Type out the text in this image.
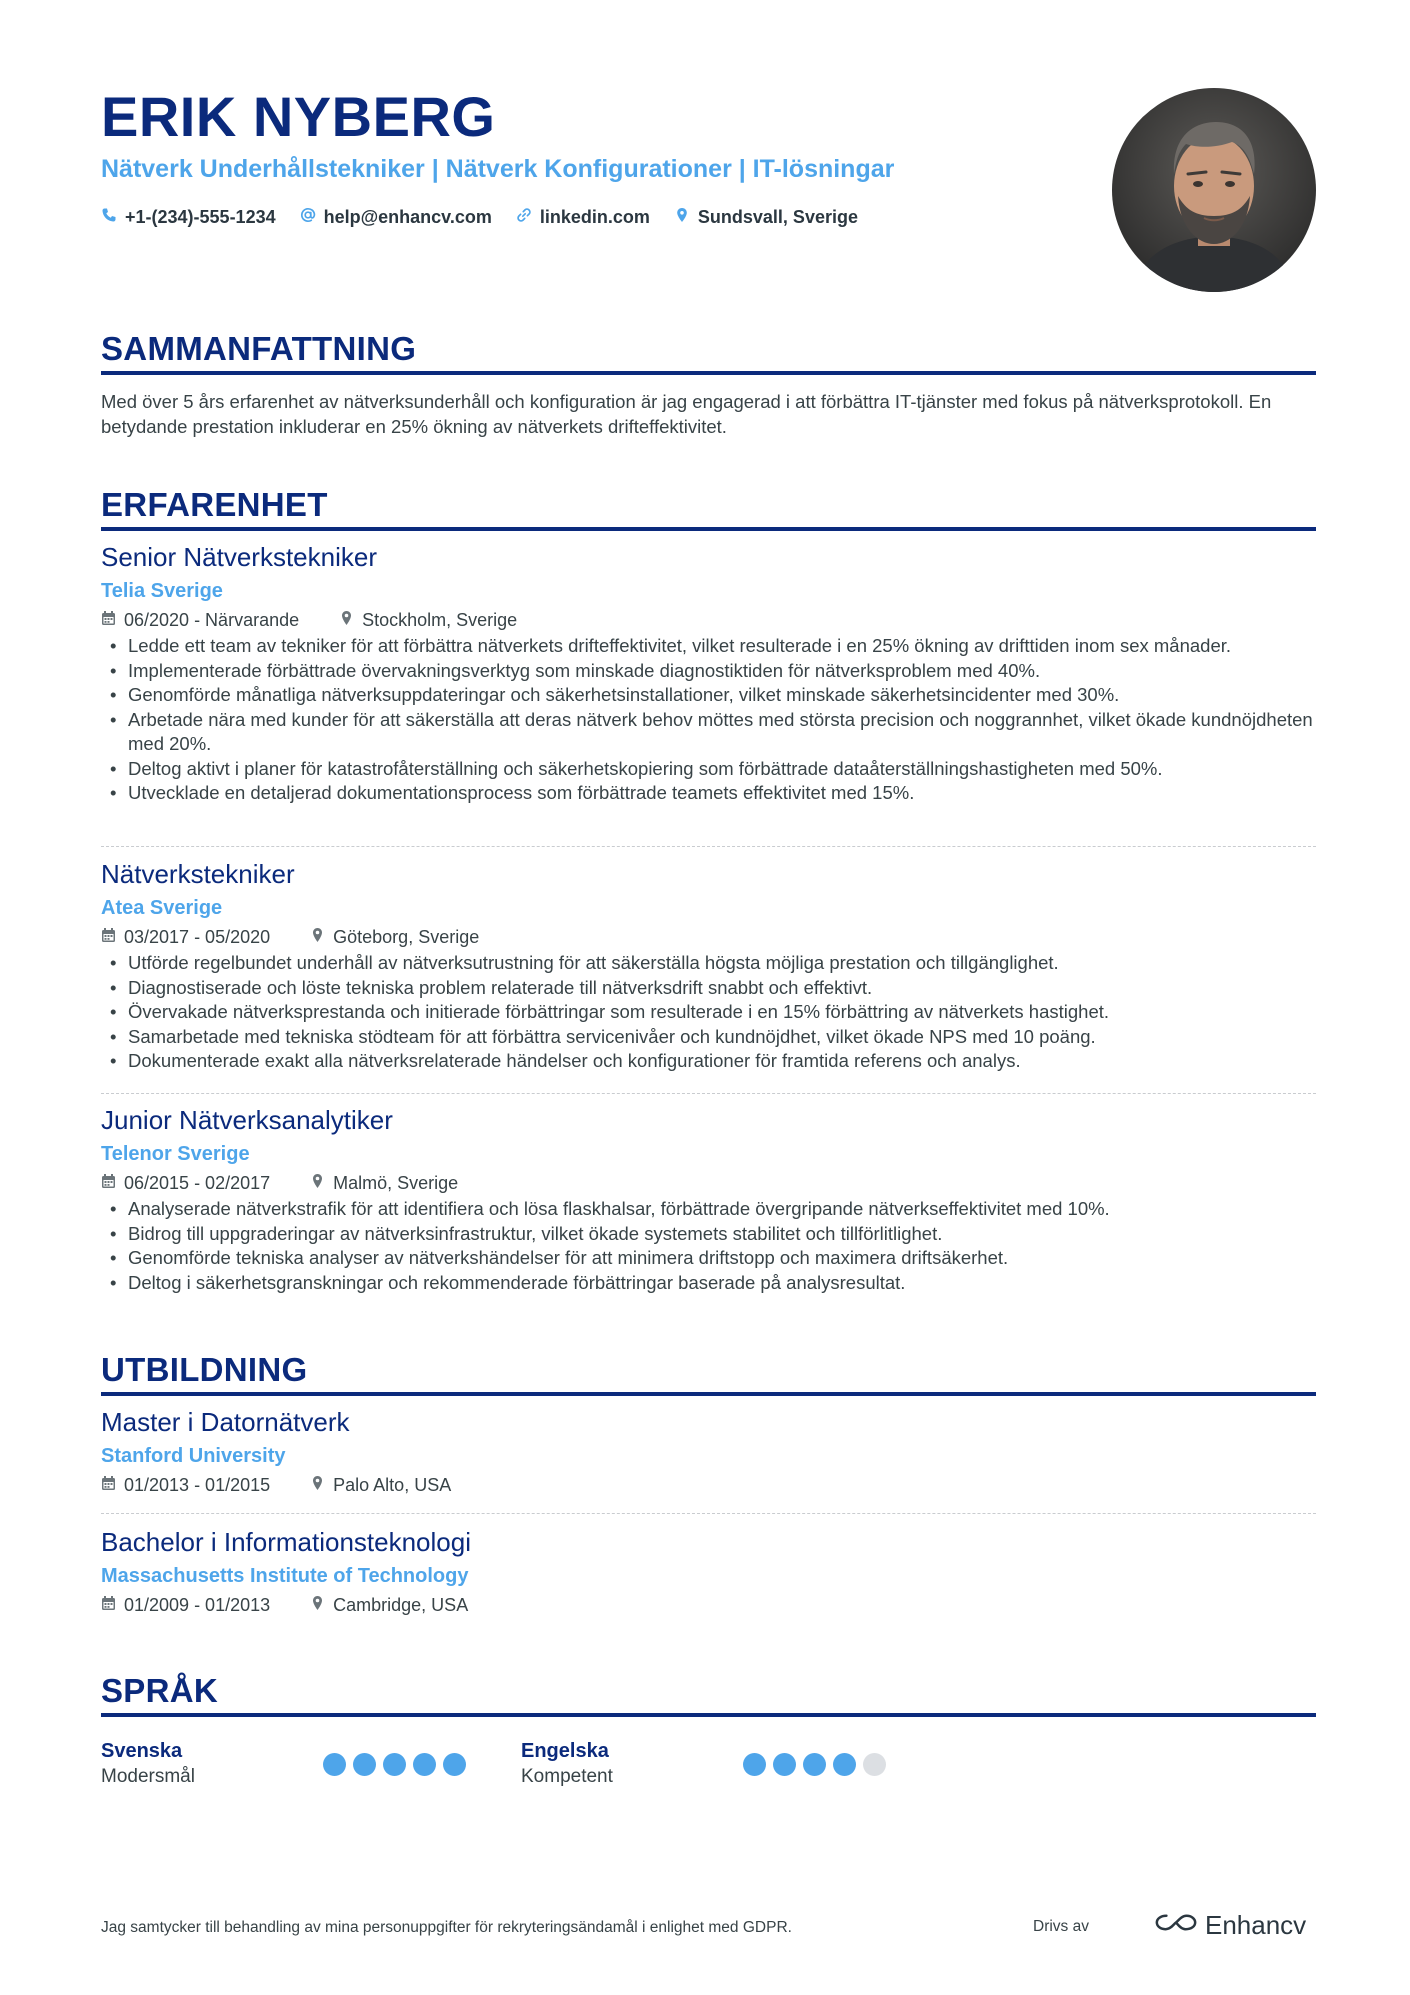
ERIK NYBERG
Nätverk Underhållstekniker | Nätverk Konfigurationer | IT-lösningar
+1-(234)-555-1234	help@enhancv.com	linkedin.com	Sundsvall, Sverige
SAMMANFATTNING
Med över 5 års erfarenhet av nätverksunderhåll och konfiguration är jag engagerad i att förbättra IT-tjänster med fokus på nätverksprotokoll. En betydande prestation inkluderar en 25% ökning av nätverkets drifteffektivitet.
ERFARENHET
Senior Nätverkstekniker
Telia Sverige
06/2020 - Närvarande	Stockholm, Sverige
• Ledde ett team av tekniker för att förbättra nätverkets drifteffektivitet, vilket resulterade i en 25% ökning av drifttiden inom sex månader.
• Implementerade förbättrade övervakningsverktyg som minskade diagnostiktiden för nätverksproblem med 40%.
• Genomförde månatliga nätverksuppdateringar och säkerhetsinstallationer, vilket minskade säkerhetsincidenter med 30%.
• Arbetade nära med kunder för att säkerställa att deras nätverk behov möttes med största precision och noggrannhet, vilket ökade kundnöjdheten med 20%.
• Deltog aktivt i planer för katastrofåterställning och säkerhetskopiering som förbättrade dataåterställningshastigheten med 50%.
• Utvecklade en detaljerad dokumentationsprocess som förbättrade teamets effektivitet med 15%.
Nätverkstekniker
Atea Sverige
03/2017 - 05/2020	Göteborg, Sverige
• Utförde regelbundet underhåll av nätverksutrustning för att säkerställa högsta möjliga prestation och tillgänglighet.
• Diagnostiserade och löste tekniska problem relaterade till nätverksdrift snabbt och effektivt.
• Övervakade nätverksprestanda och initierade förbättringar som resulterade i en 15% förbättring av nätverkets hastighet.
• Samarbetade med tekniska stödteam för att förbättra servicenivåer och kundnöjdhet, vilket ökade NPS med 10 poäng.
• Dokumenterade exakt alla nätverksrelaterade händelser och konfigurationer för framtida referens och analys.
Junior Nätverksanalytiker
Telenor Sverige
06/2015 - 02/2017	Malmö, Sverige
• Analyserade nätverkstrafik för att identifiera och lösa flaskhalsar, förbättrade övergripande nätverkseffektivitet med 10%.
• Bidrog till uppgraderingar av nätverksinfrastruktur, vilket ökade systemets stabilitet och tillförlitlighet.
• Genomförde tekniska analyser av nätverkshändelser för att minimera driftstopp och maximera driftsäkerhet.
• Deltog i säkerhetsgranskningar och rekommenderade förbättringar baserade på analysresultat.
UTBILDNING
Master i Datornätverk
Stanford University
01/2013 - 01/2015	Palo Alto, USA
Bachelor i Informationsteknologi
Massachusetts Institute of Technology
01/2009 - 01/2013	Cambridge, USA
SPRÅK
Svenska
Modersmål
Engelska
Kompetent
Jag samtycker till behandling av mina personuppgifter för rekryteringsändamål i enlighet med GDPR.	Drivs av	Enhancv
